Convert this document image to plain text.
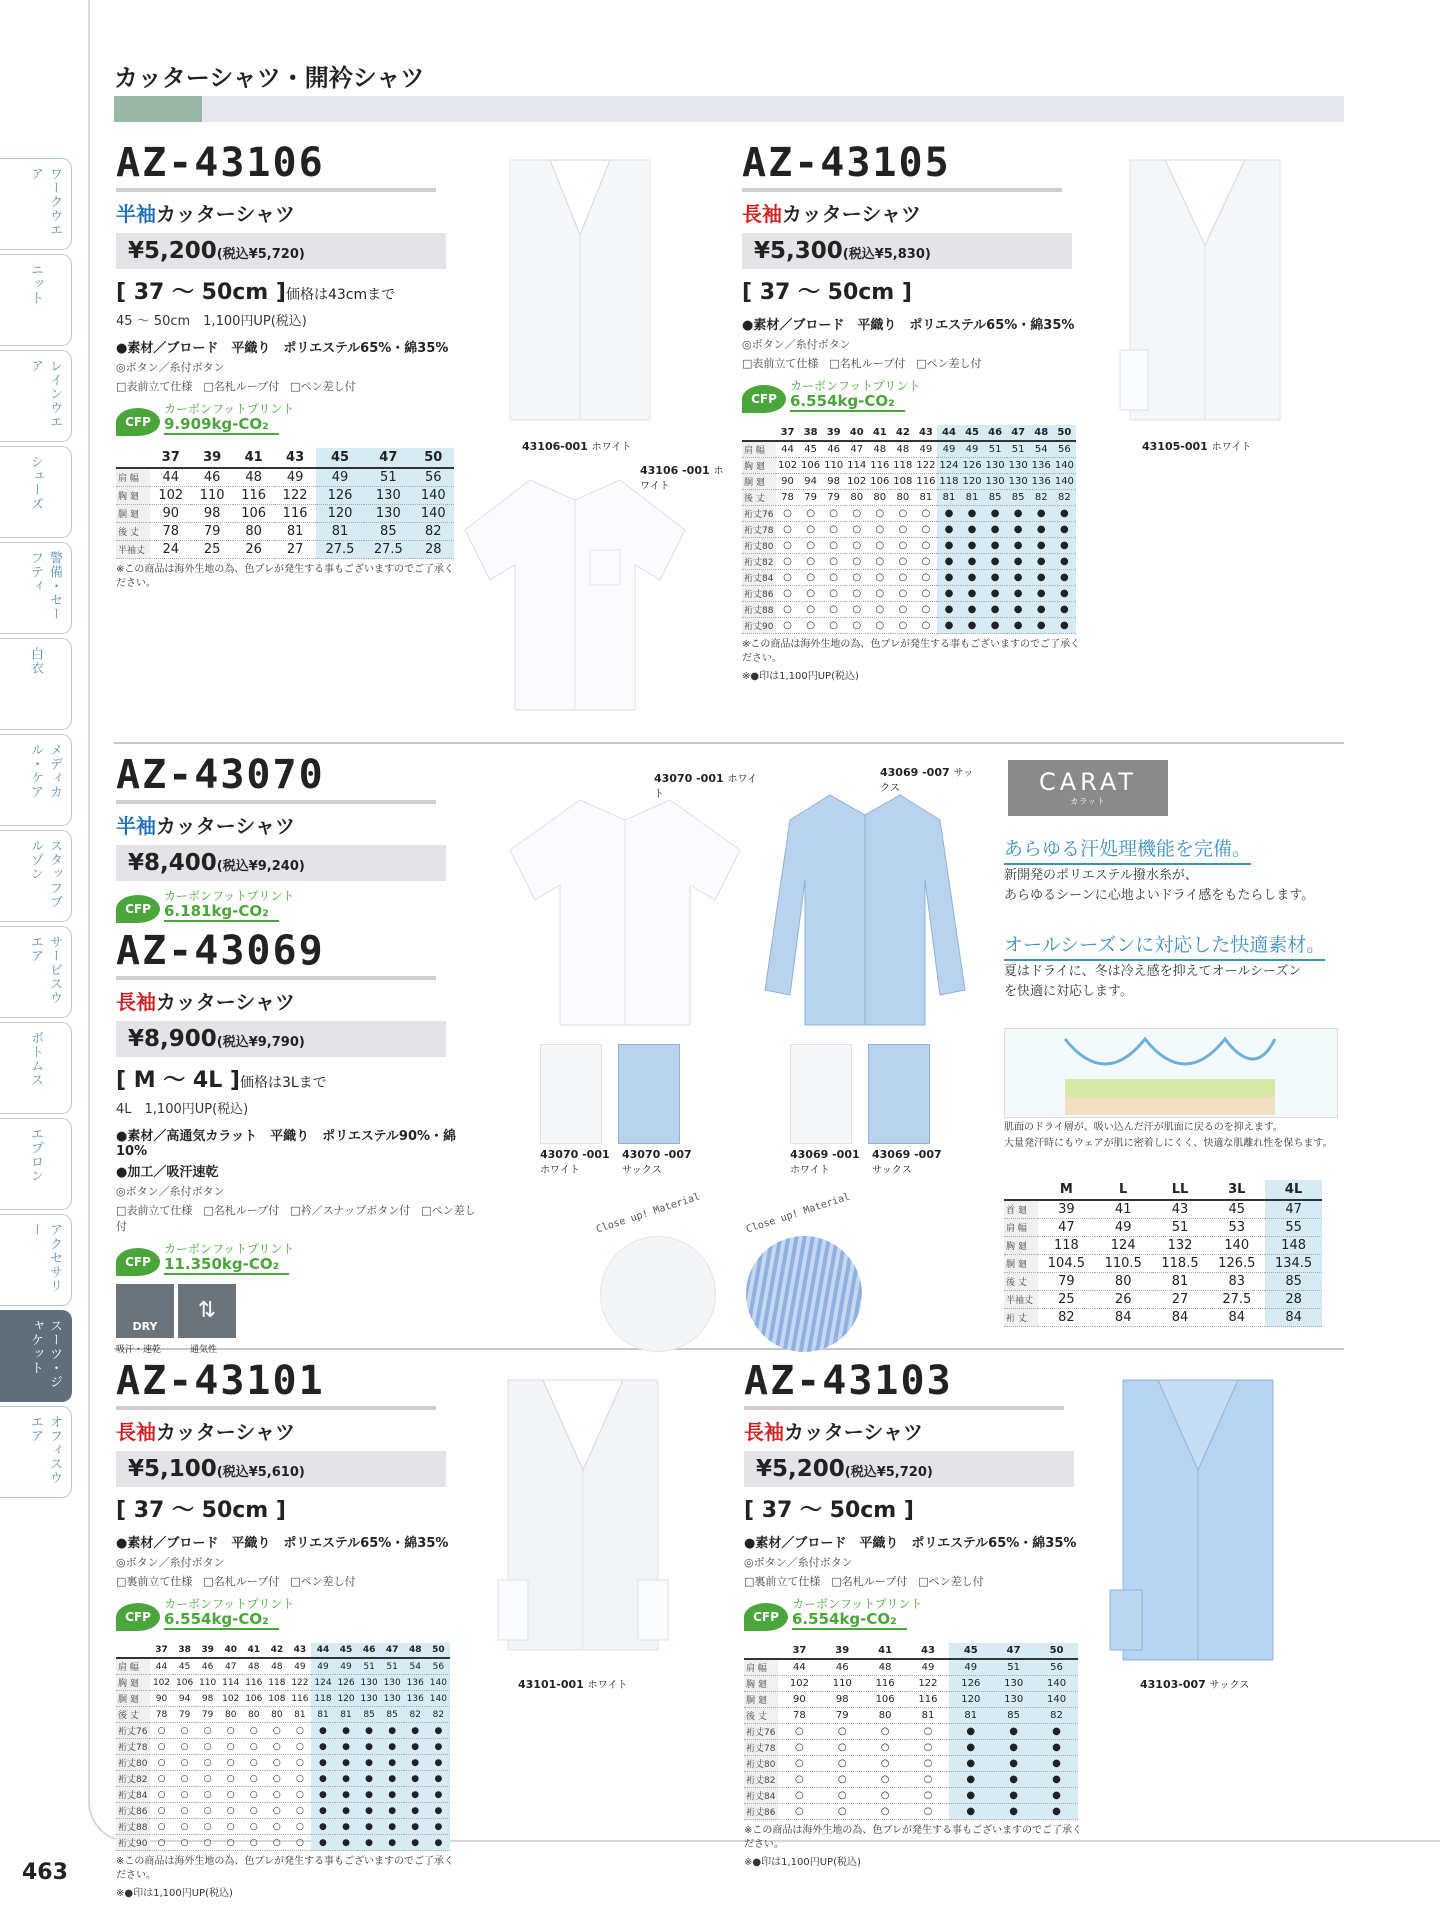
ワークウエア
ニット
レインウエア
シューズ
警備・セーフティ
白衣
メディカル・ケア
スタッフブルゾン
サービスウエア
ボトムス
エプロン
アクセサリー
スーツ・ジャケット
オフィスウエア
カッターシャツ・開衿シャツ
AZ-43106
半袖カッターシャツ
¥5,200(税込¥5,720)
[ 37 ～ 50cm ]価格は43cmまで
45 ～ 50cm　1,100円UP(税込)
●素材／ブロード　平織り　ポリエステル65%・綿35%
◎ボタン／糸付ボタン
□表前立て仕様　□名札ループ付　□ペン差し付
CFP
カーボンフットプリント
9.909kg-CO₂
	37	39	41	43	45	47	50
肩 幅	44	46	48	49	49	51	56
胸 廻	102	110	116	122	126	130	140
胴 廻	90	98	106	116	120	130	140
後 丈	78	79	80	81	81	85	82
半袖丈	24	25	26	27	27.5	27.5	28
※この商品は海外生地の為、色ブレが発生する事もございますのでご了承ください。
43106-001 ホワイト
43106 -001 ホワイト
AZ-43105
長袖カッターシャツ
¥5,300(税込¥5,830)
[ 37 ～ 50cm ]
●素材／ブロード　平織り　ポリエステル65%・綿35%
◎ボタン／糸付ボタン
□表前立て仕様　□名札ループ付　□ペン差し付
CFP
カーボンフットプリント
6.554kg-CO₂
	37	38	39	40	41	42	43	44	45	46	47	48	50
肩 幅	44	45	46	47	48	48	49	49	49	51	51	54	56
胸 廻	102	106	110	114	116	118	122	124	126	130	130	136	140
胴 廻	90	94	98	102	106	108	116	118	120	130	130	136	140
後 丈	78	79	79	80	80	80	81	81	81	85	85	82	82
裄丈76	○	○	○	○	○	○	○	●	●	●	●	●	●
裄丈78	○	○	○	○	○	○	○	●	●	●	●	●	●
裄丈80	○	○	○	○	○	○	○	●	●	●	●	●	●
裄丈82	○	○	○	○	○	○	○	●	●	●	●	●	●
裄丈84	○	○	○	○	○	○	○	●	●	●	●	●	●
裄丈86	○	○	○	○	○	○	○	●	●	●	●	●	●
裄丈88	○	○	○	○	○	○	○	●	●	●	●	●	●
裄丈90	○	○	○	○	○	○	○	●	●	●	●	●	●
※この商品は海外生地の為、色ブレが発生する事もございますのでご了承ください。
※●印は1,100円UP(税込)
43105-001 ホワイト
AZ-43070
半袖カッターシャツ
¥8,400(税込¥9,240)
CFP
カーボンフットプリント
6.181kg-CO₂
AZ-43069
長袖カッターシャツ
¥8,900(税込¥9,790)
[ M ～ 4L ]価格は3Lまで
4L　1,100円UP(税込)
●素材／高通気カラット　平織り　ポリエステル90%・綿10%
●加工／吸汗速乾
◎ボタン／糸付ボタン
□表前立て仕様　□名札ループ付　□衿／スナップボタン付　□ペン差し付
CFP
カーボンフットプリント
11.350kg-CO₂
DRY
⇅
吸汗・速乾	通気性
43070 -001 ホワイト
43069 -007 サックス
43070 -001 ホワイト
43070 -007 サックス
43069 -001 ホワイト
43069 -007 サックス
Close up! Material	Close up! Material
CARAT
カラット
あらゆる汗処理機能を完備。
新開発のポリエステル撥水糸が、
あらゆるシーンに心地よいドライ感をもたらします。
オールシーズンに対応した快適素材。
夏はドライに、冬は冷え感を抑えてオールシーズン
を快適に対応します。
肌面のドライ層が、吸い込んだ汗が肌面に戻るのを抑えます。
大量発汗時にもウェアが肌に密着しにくく、快適な肌離れ性を保ちます。
	M	L	LL	3L	4L
首 廻	39	41	43	45	47
肩 幅	47	49	51	53	55
胸 廻	118	124	132	140	148
胴 廻	104.5	110.5	118.5	126.5	134.5
後 丈	79	80	81	83	85
半袖丈	25	26	27	27.5	28
裄 丈	82	84	84	84	84
AZ-43101
長袖カッターシャツ
¥5,100(税込¥5,610)
[ 37 ～ 50cm ]
●素材／ブロード　平織り　ポリエステル65%・綿35%
◎ボタン／糸付ボタン
□裏前立て仕様　□名札ループ付　□ペン差し付
CFP
カーボンフットプリント
6.554kg-CO₂
	37	38	39	40	41	42	43	44	45	46	47	48	50
肩 幅	44	45	46	47	48	48	49	49	49	51	51	54	56
胸 廻	102	106	110	114	116	118	122	124	126	130	130	136	140
胴 廻	90	94	98	102	106	108	116	118	120	130	130	136	140
後 丈	78	79	79	80	80	80	81	81	81	85	85	82	82
裄丈76	○	○	○	○	○	○	○	●	●	●	●	●	●
裄丈78	○	○	○	○	○	○	○	●	●	●	●	●	●
裄丈80	○	○	○	○	○	○	○	●	●	●	●	●	●
裄丈82	○	○	○	○	○	○	○	●	●	●	●	●	●
裄丈84	○	○	○	○	○	○	○	●	●	●	●	●	●
裄丈86	○	○	○	○	○	○	○	●	●	●	●	●	●
裄丈88	○	○	○	○	○	○	○	●	●	●	●	●	●
裄丈90	○	○	○	○	○	○	○	●	●	●	●	●	●
※この商品は海外生地の為、色ブレが発生する事もございますのでご了承ください。
※●印は1,100円UP(税込)
43101-001 ホワイト
AZ-43103
長袖カッターシャツ
¥5,200(税込¥5,720)
[ 37 ～ 50cm ]
●素材／ブロード　平織り　ポリエステル65%・綿35%
◎ボタン／糸付ボタン
□裏前立て仕様　□名札ループ付　□ペン差し付
CFP
カーボンフットプリント
6.554kg-CO₂
	37	39	41	43	45	47	50
肩 幅	44	46	48	49	49	51	56
胸 廻	102	110	116	122	126	130	140
胴 廻	90	98	106	116	120	130	140
後 丈	78	79	80	81	81	85	82
裄丈76	○	○	○	○	●	●	●
裄丈78	○	○	○	○	●	●	●
裄丈80	○	○	○	○	●	●	●
裄丈82	○	○	○	○	●	●	●
裄丈84	○	○	○	○	●	●	●
裄丈86	○	○	○	○	●	●	●
※この商品は海外生地の為、色ブレが発生する事もございますのでご了承ください。
※●印は1,100円UP(税込)
43103-007 サックス
463
